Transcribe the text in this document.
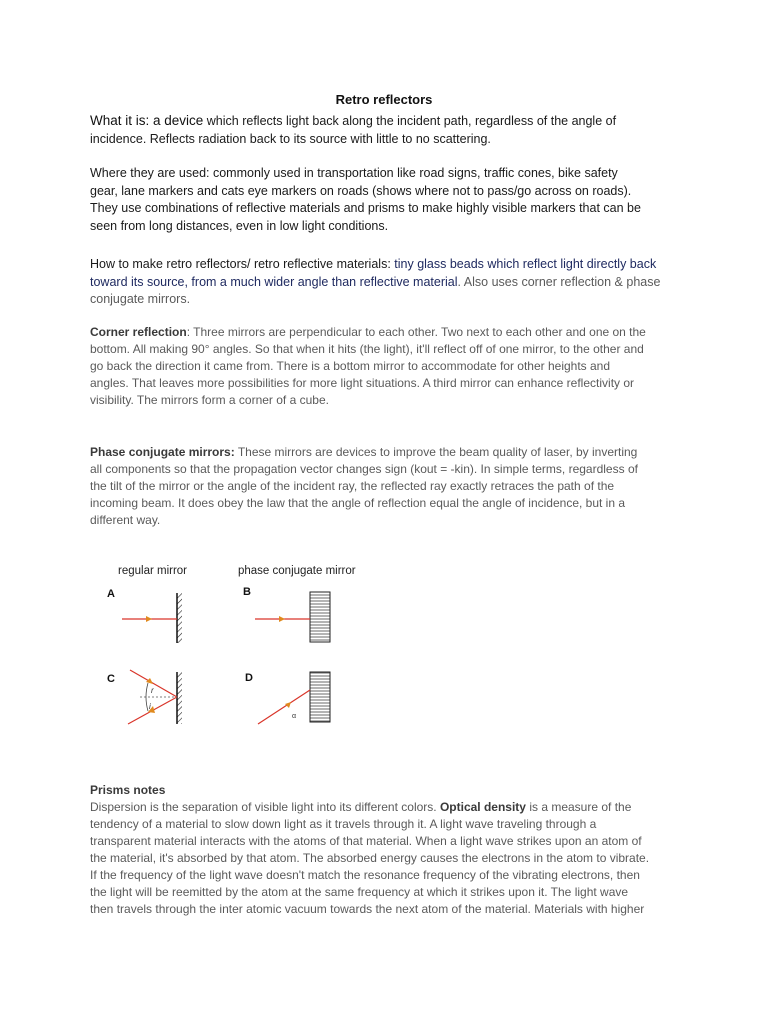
Retro reflectors
What it is: a device which reflects light back along the incident path, regardless of the angle of
incidence. Reflects radiation back to its source with little to no scattering.
Where they are used: commonly used in transportation like road signs, traffic cones, bike safety
gear, lane markers and cats eye markers on roads (shows where not to pass/go across on roads).
They use combinations of reflective materials and prisms to make highly visible markers that can be
seen from long distances, even in low light conditions.
How to make retro reflectors/ retro reflective materials: tiny glass beads which reflect light directly back
toward its source, from a much wider angle than reflective material. Also uses corner reflection & phase
conjugate mirrors.
Corner reflection: Three mirrors are perpendicular to each other. Two next to each other and one on the
bottom. All making 90° angles. So that when it hits (the light), it'll reflect off of one mirror, to the other and
go back the direction it came from. There is a bottom mirror to accommodate for other heights and
angles. That leaves more possibilities for more light situations. A third mirror can enhance reflectivity or
visibility. The mirrors form a corner of a cube.
Phase conjugate mirrors: These mirrors are devices to improve the beam quality of laser, by inverting
all components so that the propagation vector changes sign (kout = -kin). In simple terms, regardless of
the tilt of the mirror or the angle of the incident ray, the reflected ray exactly retraces the path of the
incoming beam. It does obey the law that the angle of reflection equal the angle of incidence, but in a
different way.
regular mirror	phase conjugate mirror
A	B
C	D
r
i
α
Prisms notes
Dispersion is the separation of visible light into its different colors. Optical density is a measure of the
tendency of a material to slow down light as it travels through it. A light wave traveling through a
transparent material interacts with the atoms of that material. When a light wave strikes upon an atom of
the material, it's absorbed by that atom. The absorbed energy causes the electrons in the atom to vibrate.
If the frequency of the light wave doesn't match the resonance frequency of the vibrating electrons, then
the light will be reemitted by the atom at the same frequency at which it strikes upon it. The light wave
then travels through the inter atomic vacuum towards the next atom of the material. Materials with higher
